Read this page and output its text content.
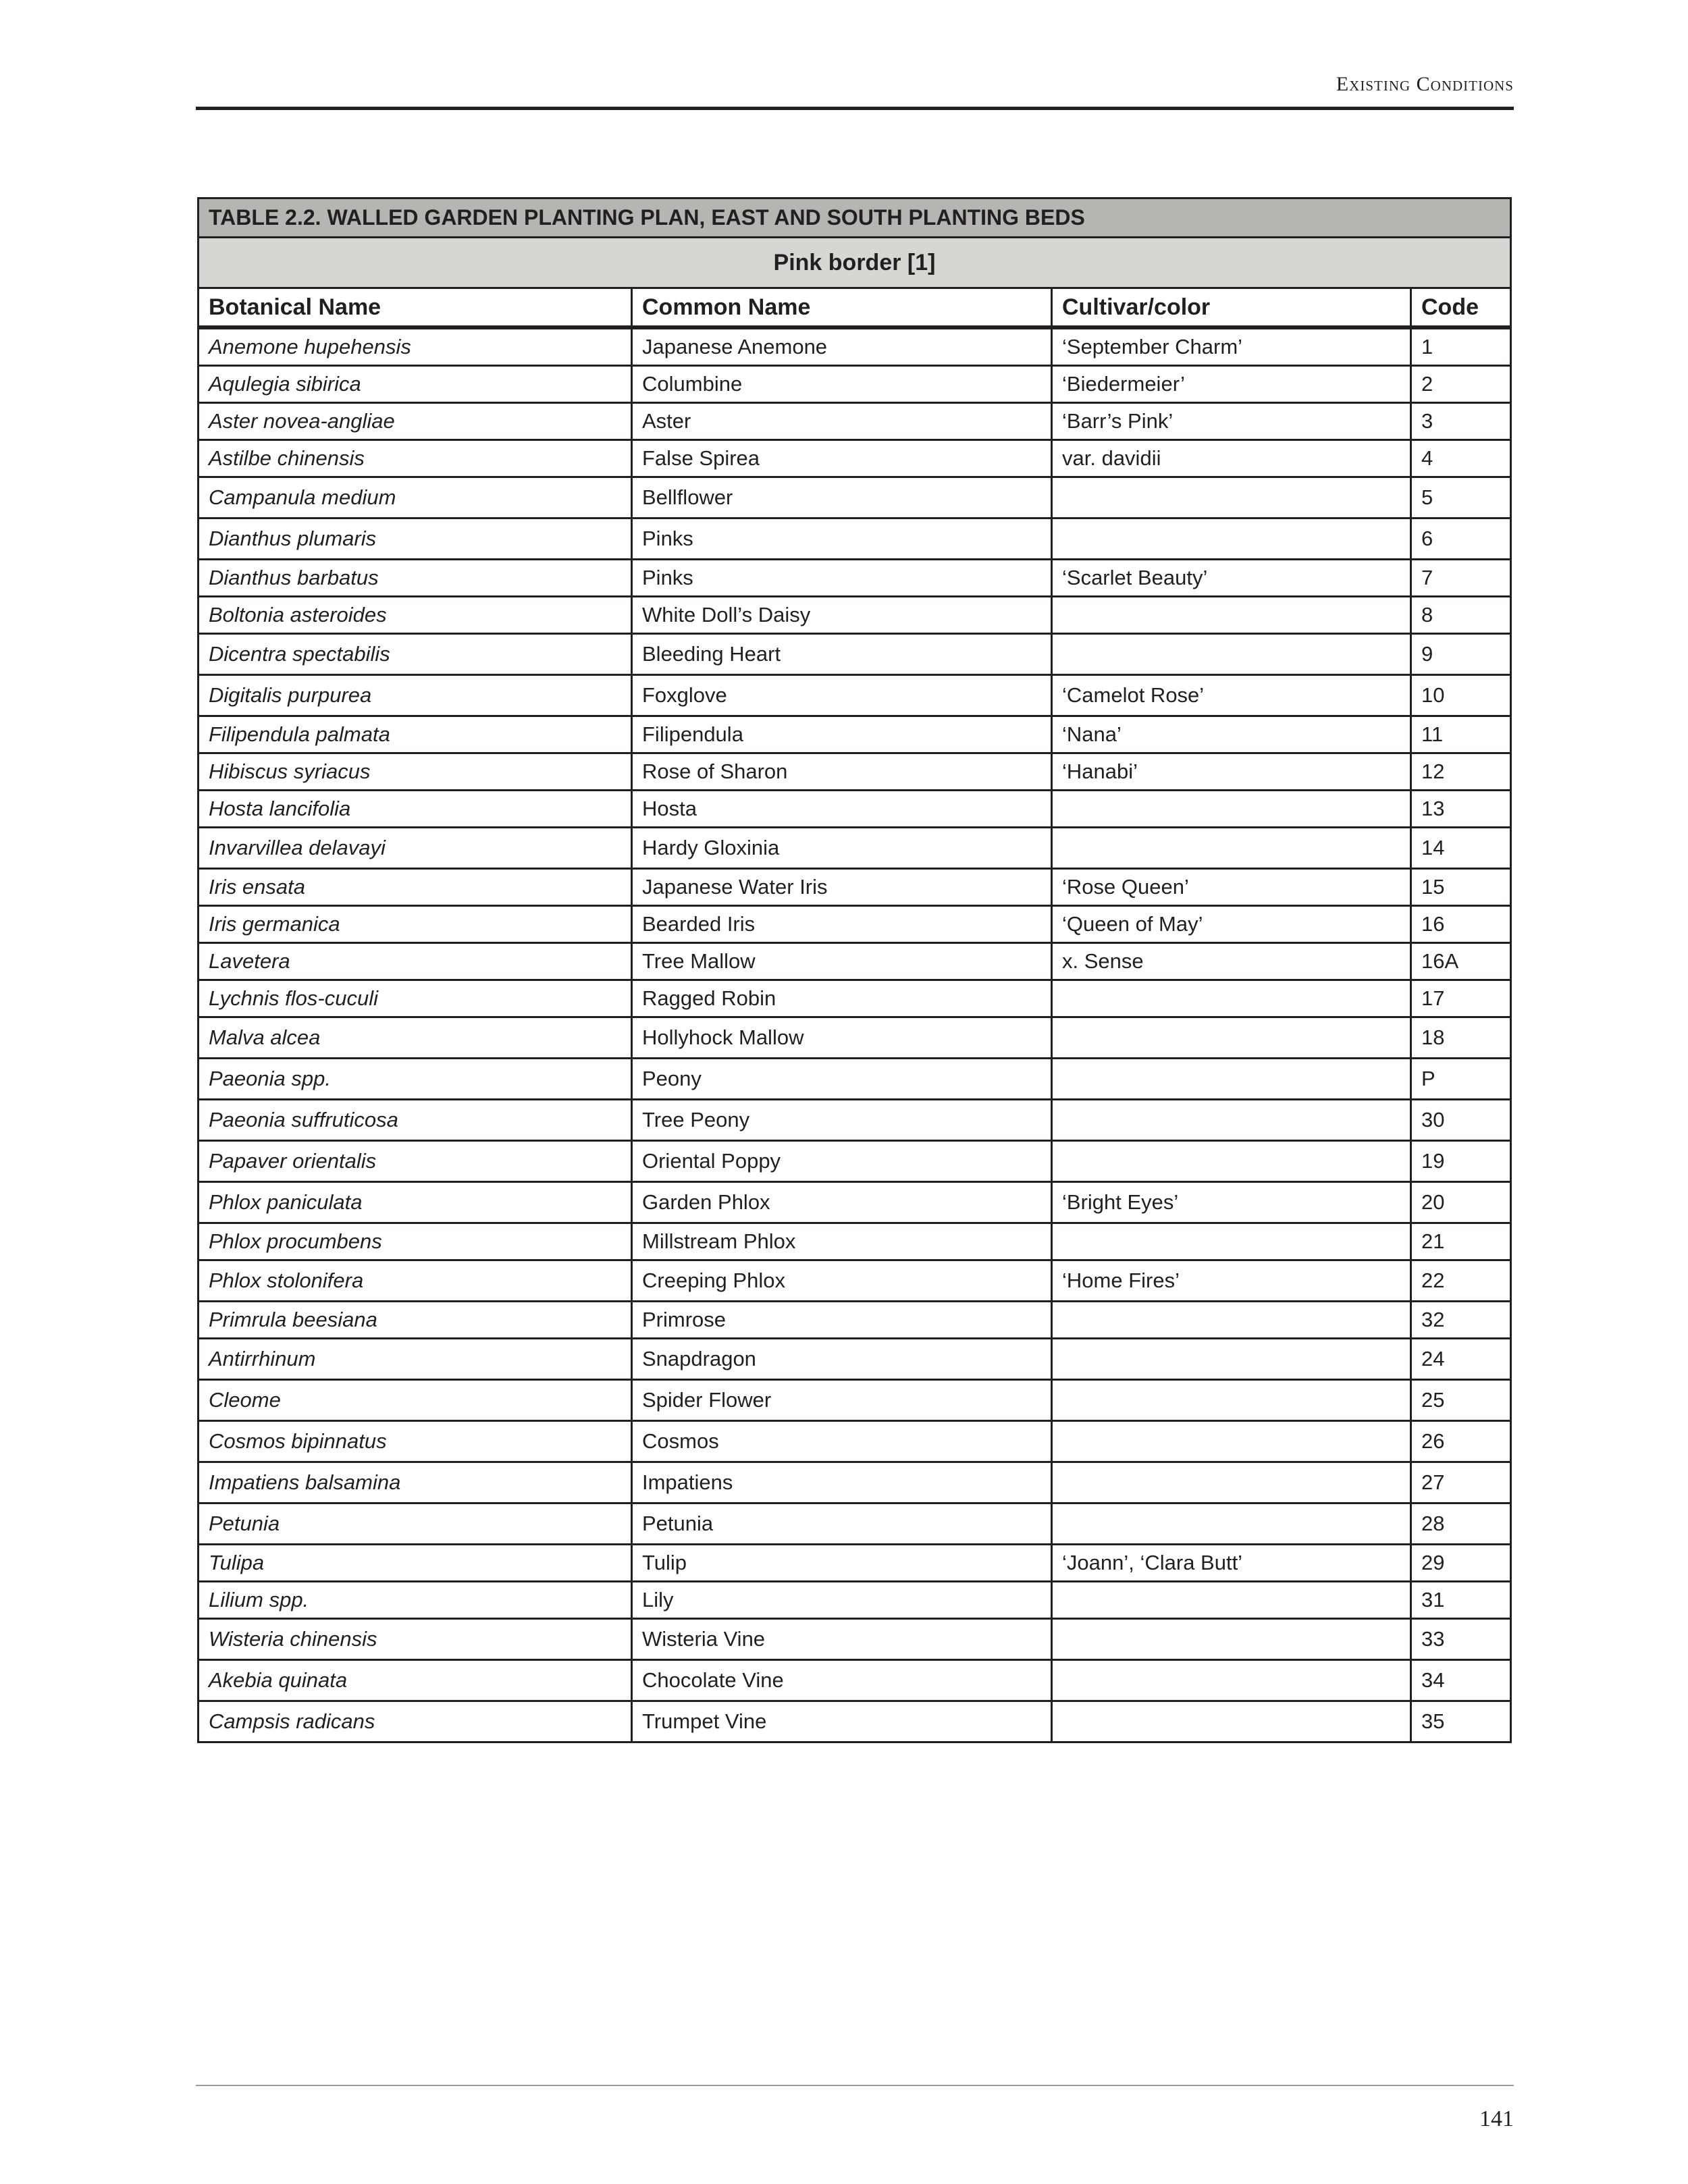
Existing Conditions
TABLE 2.2. WALLED GARDEN PLANTING PLAN, EAST AND SOUTH PLANTING BEDS			
Pink border [1]			
Botanical Name	Common Name	Cultivar/color	Code
Anemone hupehensis	Japanese Anemone	‘September Charm’	1
Aqulegia sibirica	Columbine	‘Biedermeier’	2
Aster novea-angliae	Aster	‘Barr’s Pink’	3
Astilbe chinensis	False Spirea	var. davidii	4
Campanula medium	Bellflower		5
Dianthus plumaris	Pinks		6
Dianthus barbatus	Pinks	‘Scarlet Beauty’	7
Boltonia asteroides	White Doll’s Daisy		8
Dicentra spectabilis	Bleeding Heart		9
Digitalis purpurea	Foxglove	‘Camelot Rose’	10
Filipendula palmata	Filipendula	‘Nana’	11
Hibiscus syriacus	Rose of Sharon	‘Hanabi’	12
Hosta lancifolia	Hosta		13
Invarvillea delavayi	Hardy Gloxinia		14
Iris ensata	Japanese Water Iris	‘Rose Queen’	15
Iris germanica	Bearded Iris	‘Queen of May’	16
Lavetera	Tree Mallow	x. Sense	16A
Lychnis flos-cuculi	Ragged Robin		17
Malva alcea	Hollyhock Mallow		18
Paeonia spp.	Peony		P
Paeonia suffruticosa	Tree Peony		30
Papaver orientalis	Oriental Poppy		19
Phlox paniculata	Garden Phlox	‘Bright Eyes’	20
Phlox procumbens	Millstream Phlox		21
Phlox stolonifera	Creeping Phlox	‘Home Fires’	22
Primrula beesiana	Primrose		32
Antirrhinum	Snapdragon		24
Cleome	Spider Flower		25
Cosmos bipinnatus	Cosmos		26
Impatiens balsamina	Impatiens		27
Petunia	Petunia		28
Tulipa	Tulip	‘Joann’, ‘Clara Butt’	29
Lilium spp.	Lily		31
Wisteria chinensis	Wisteria Vine		33
Akebia quinata	Chocolate Vine		34
Campsis radicans	Trumpet Vine		35
141
